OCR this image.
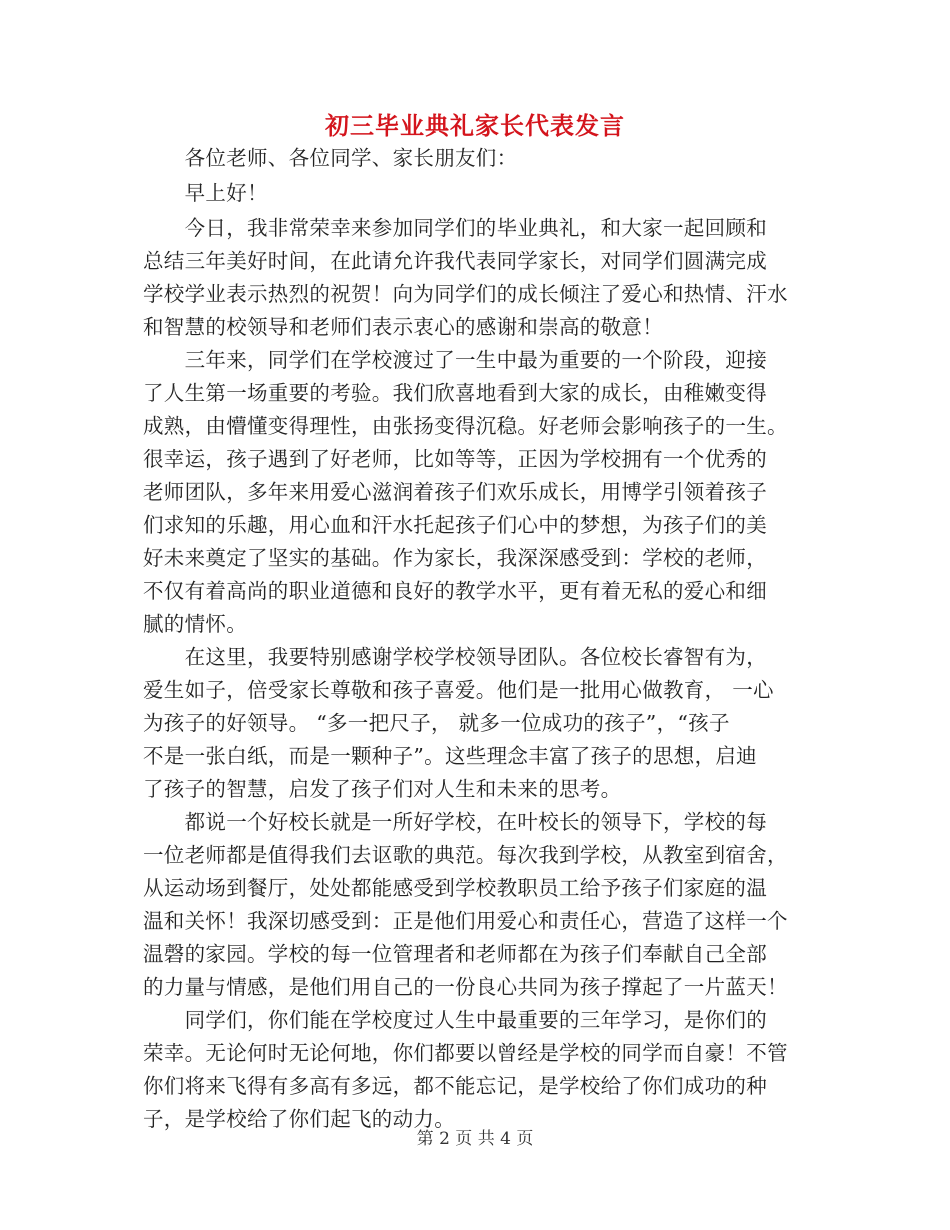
初三毕业典礼家长代表发言
　　各位老师、各位同学、家长朋友们：
　　早上好！
　　今日，我非常荣幸来参加同学们的毕业典礼，和大家一起回顾和
总结三年美好时间，在此请允许我代表同学家长，对同学们圆满完成
学校学业表示热烈的祝贺！向为同学们的成长倾注了爱心和热情、汗水
和智慧的校领导和老师们表示衷心的感谢和崇高的敬意！
　　三年来，同学们在学校渡过了一生中最为重要的一个阶段，迎接
了人生第一场重要的考验。我们欣喜地看到大家的成长，由稚嫩变得
成熟，由懵懂变得理性，由张扬变得沉稳。好老师会影响孩子的一生。
很幸运，孩子遇到了好老师，比如等等，正因为学校拥有一个优秀的
老师团队，多年来用爱心滋润着孩子们欢乐成长，用博学引领着孩子
们求知的乐趣，用心血和汗水托起孩子们心中的梦想，为孩子们的美
好未来奠定了坚实的基础。作为家长，我深深感受到：学校的老师，
不仅有着高尚的职业道德和良好的教学水平，更有着无私的爱心和细
腻的情怀。
　　在这里，我要特别感谢学校学校领导团队。各位校长睿智有为，
爱生如子，倍受家长尊敬和孩子喜爱。他们是一批用心做教育， 一心
为孩子的好领导。 “多一把尺子， 就多一位成功的孩子”，“孩子
不是一张白纸，而是一颗种子”。这些理念丰富了孩子的思想，启迪
了孩子的智慧，启发了孩子们对人生和未来的思考。
　　都说一个好校长就是一所好学校，在叶校长的领导下，学校的每
一位老师都是值得我们去讴歌的典范。每次我到学校，从教室到宿舍，
从运动场到餐厅，处处都能感受到学校教职员工给予孩子们家庭的温
温和关怀！我深切感受到：正是他们用爱心和责任心，营造了这样一个
温磬的家园。学校的每一位管理者和老师都在为孩子们奉献自己全部
的力量与情感，是他们用自己的一份良心共同为孩子撑起了一片蓝天！
　　同学们，你们能在学校度过人生中最重要的三年学习，是你们的
荣幸。无论何时无论何地，你们都要以曾经是学校的同学而自豪！不管
你们将来飞得有多高有多远，都不能忘记，是学校给了你们成功的种
子，是学校给了你们起飞的动力。
第 2 页 共 4 页
